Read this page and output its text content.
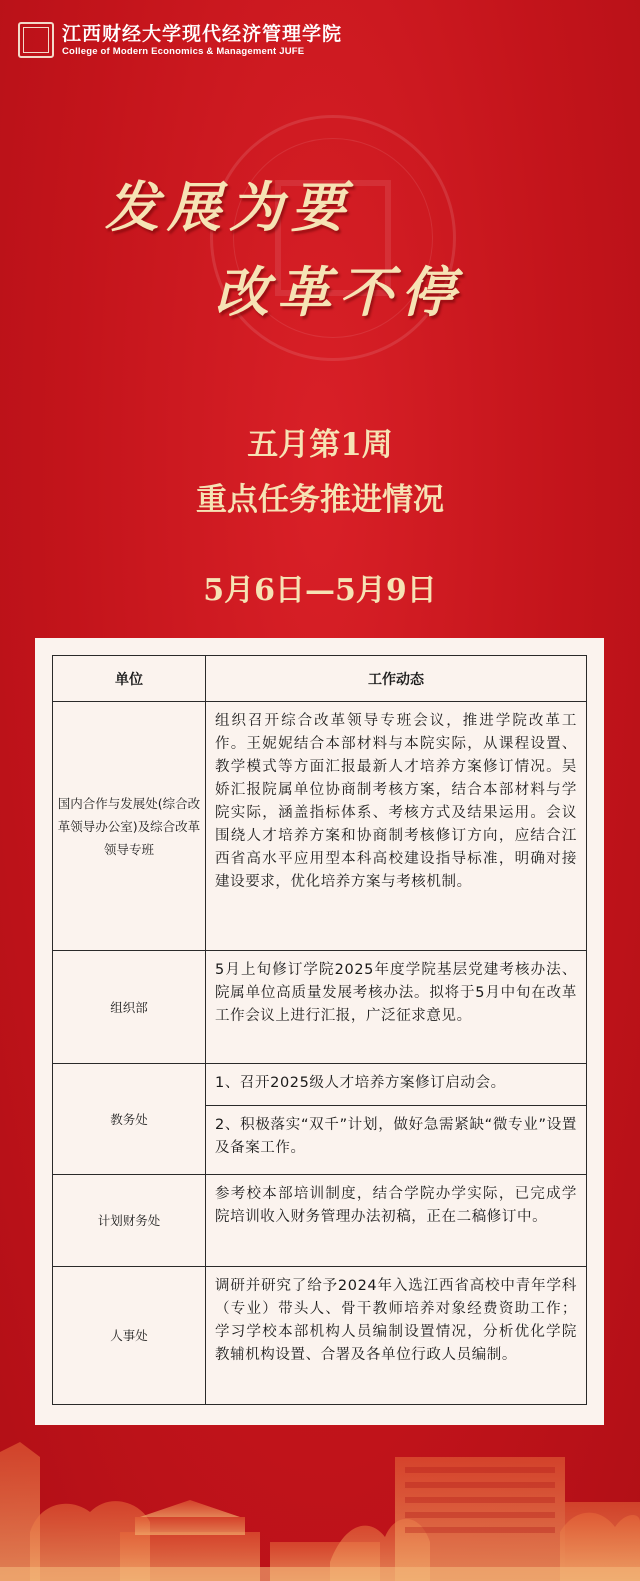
江西财经大学现代经济管理学院
College of Modern Economics & Management JUFE
发展为要
改革不停
五月第1周
重点任务推进情况
5月6日—5月9日
单位	工作动态
国内合作与发展处(综合改革领导办公室)及综合改革领导专班	组织召开综合改革领导专班会议，推进学院改革工作。王妮妮结合本部材料与本院实际，从课程设置、教学模式等方面汇报最新人才培养方案修订情况。吴娇汇报院属单位协商制考核方案，结合本部材料与学院实际，涵盖指标体系、考核方式及结果运用。会议围绕人才培养方案和协商制考核修订方向，应结合江西省高水平应用型本科高校建设指导标准，明确对接建设要求，优化培养方案与考核机制。
组织部	5月上旬修订学院2025年度学院基层党建考核办法、院属单位高质量发展考核办法。拟将于5月中旬在改革工作会议上进行汇报，广泛征求意见。
教务处	1、召开2025级人才培养方案修订启动会。
	2、积极落实“双千”计划，做好急需紧缺“微专业”设置及备案工作。
计划财务处	参考校本部培训制度，结合学院办学实际，已完成学院培训收入财务管理办法初稿，正在二稿修订中。
人事处	调研并研究了给予2024年入选江西省高校中青年学科（专业）带头人、骨干教师培养对象经费资助工作；学习学校本部机构人员编制设置情况，分析优化学院教辅机构设置、合署及各单位行政人员编制。
